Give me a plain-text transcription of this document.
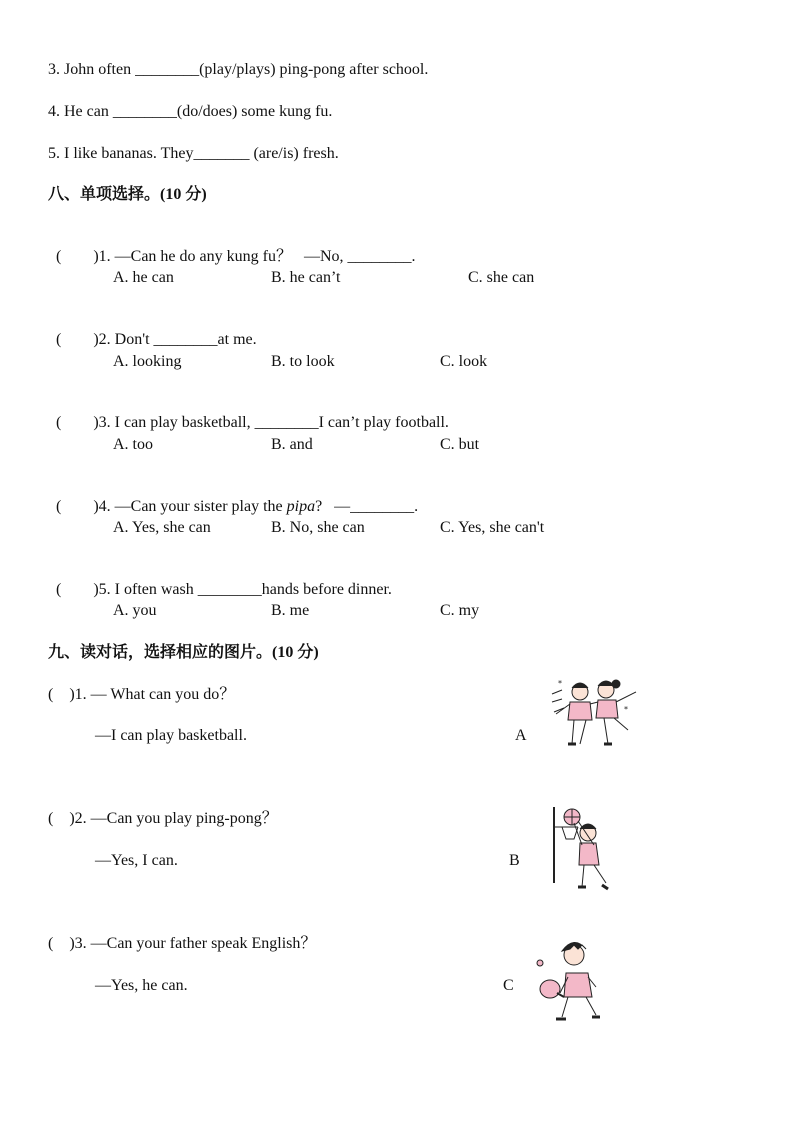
3. John often ________(play/plays) ping-pong after school.
4. He can ________(do/does) some kung fu.
5. I like bananas. They_______ (are/is) fresh.
八、单项选择。(10 分)

(        )1. —Can he do any kung fu？   —No, ________.

A. he can	B. he can’t	C. she can

(        )2. Don't ________at me.

A. looking	B. to look	C. look

(        )3. I can play basketball, ________I can’t play football.

A. too	B. and	C. but

(        )4. —Can your sister play the pipa?   —________.

A. Yes, she can	B. No, she can	C. Yes, she can't

(        )5. I often wash ________hands before dinner.

A. you	B. me	C. my
九、读对话，选择相应的图片。(10 分)
(    )1. — What can you do？
—I can play basketball.	A
(    )2. —Can you play ping-pong？
—Yes, I can.	B
(    )3. —Can your father speak English？
—Yes, he can.	C
*
*
